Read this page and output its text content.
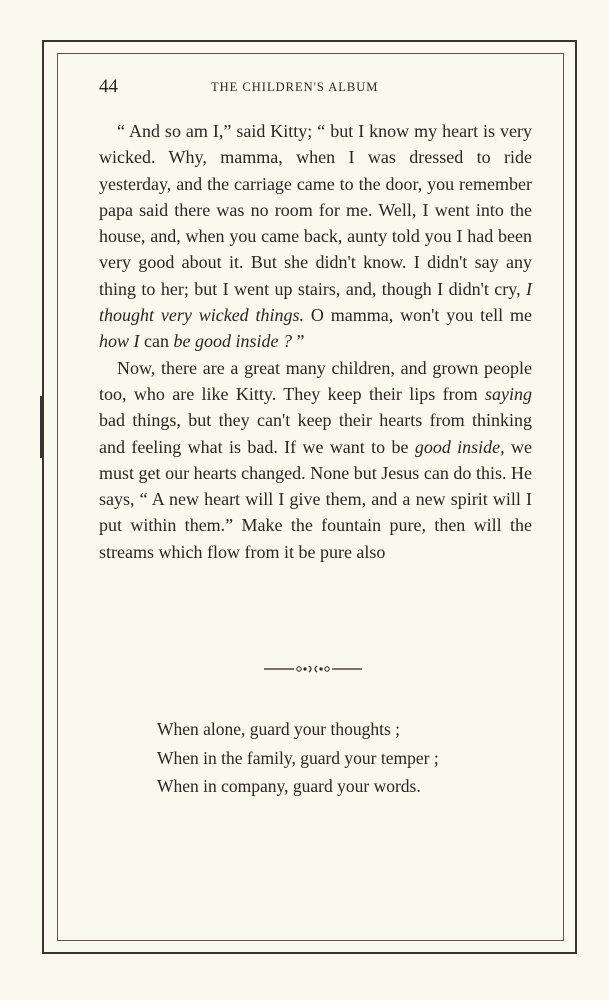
44	THE CHILDREN'S ALBUM

“ And so am I,” said Kitty; “ but I know my heart is very wicked. Why, mamma, when I was dressed to ride yesterday, and the carriage came to the door, you remember papa said there was no room for me. Well, I went into the house, and, when you came back, aunty told you I had been very good about it. But she didn't know. I didn't say any thing to her; but I went up stairs, and, though I didn't cry, I thought very wicked things. O mamma, won't you tell me how I can be good inside ? ”

Now, there are a great many children, and grown people too, who are like Kitty. They keep their lips from saying bad things, but they can't keep their hearts from thinking and feeling what is bad. If we want to be good inside, we must get our hearts changed. None but Jesus can do this. He says, “ A new heart will I give them, and a new spirit will I put within them.” Make the fountain pure, then will the streams which flow from it be pure also

When alone, guard your thoughts ;
When in the family, guard your temper ;
When in company, guard your words.
